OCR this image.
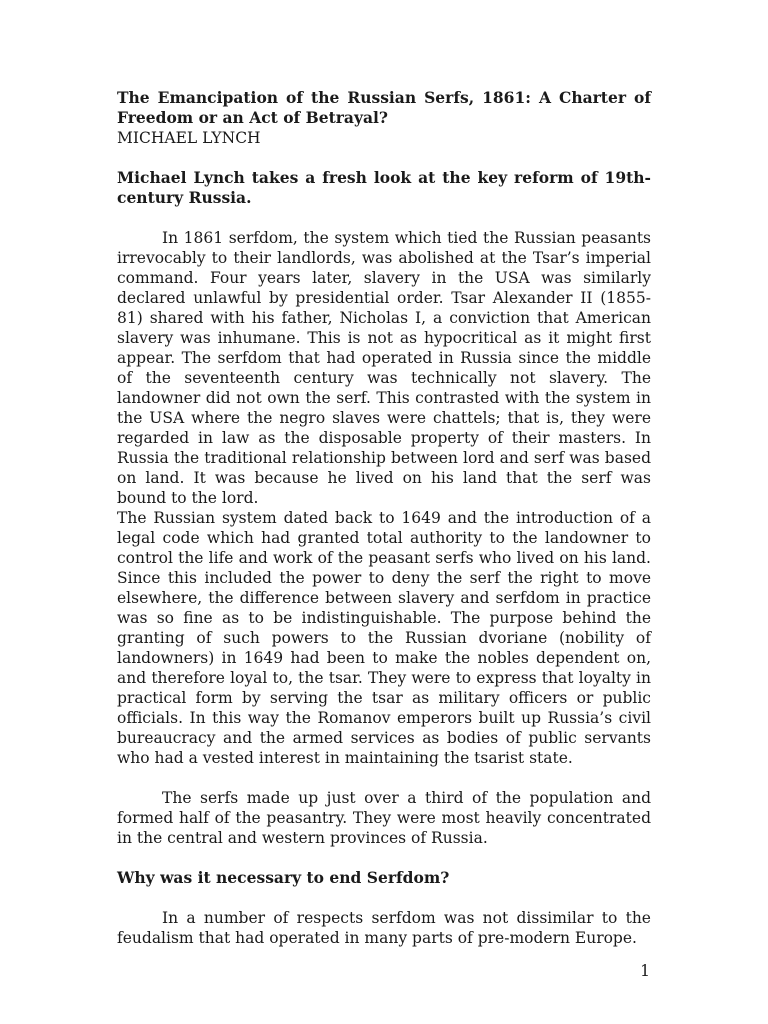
The Emancipation of the Russian Serfs, 1861: A Charter of Freedom or an Act of Betrayal?

MICHAEL LYNCH

Michael Lynch takes a fresh look at the key reform of 19th-century Russia.

In 1861 serfdom, the system which tied the Russian peasants irrevocably to their landlords, was abolished at the Tsar’s imperial command. Four years later, slavery in the USA was similarly declared unlawful by presidential order. Tsar Alexander II (1855-81) shared with his father, Nicholas I, a conviction that American slavery was inhumane. This is not as hypocritical as it might first appear. The serfdom that had operated in Russia since the middle of the seventeenth century was technically not slavery. The landowner did not own the serf. This contrasted with the system in the USA where the negro slaves were chattels; that is, they were regarded in law as the disposable property of their masters. In Russia the traditional relationship between lord and serf was based on land. It was because he lived on his land that the serf was bound to the lord.

The Russian system dated back to 1649 and the introduction of a legal code which had granted total authority to the landowner to control the life and work of the peasant serfs who lived on his land. Since this included the power to deny the serf the right to move elsewhere, the difference between slavery and serfdom in practice was so fine as to be indistinguishable. The purpose behind the granting of such powers to the Russian dvoriane (nobility of landowners) in 1649 had been to make the nobles dependent on, and therefore loyal to, the tsar. They were to express that loyalty in practical form by serving the tsar as military officers or public officials. In this way the Romanov emperors built up Russia’s civil bureaucracy and the armed services as bodies of public servants who had a vested interest in maintaining the tsarist state.

The serfs made up just over a third of the population and formed half of the peasantry. They were most heavily concentrated in the central and western provinces of Russia.

Why was it necessary to end Serfdom?

In a number of respects serfdom was not dissimilar to the feudalism that had operated in many parts of pre-modern Europe.

1
